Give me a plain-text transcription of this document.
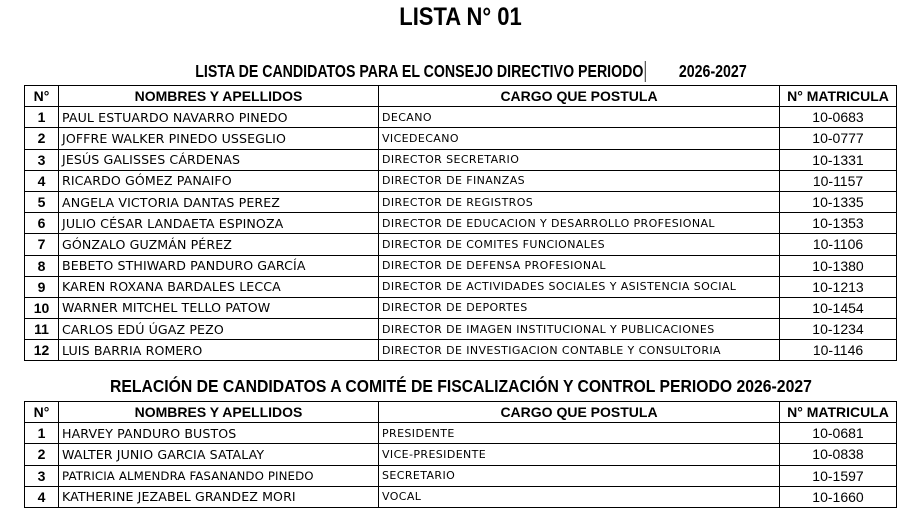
LISTA N° 01
LISTA DE CANDIDATOS PARA EL CONSEJO DIRECTIVO PERIODO 2026-2027
N°	NOMBRES Y APELLIDOS	CARGO QUE POSTULA	N° MATRICULA
1	PAUL ESTUARDO NAVARRO PINEDO	DECANO	10-0683
2	JOFFRE WALKER PINEDO USSEGLIO	VICEDECANO	10-0777
3	JESÚS GALISSES CÁRDENAS	DIRECTOR SECRETARIO	10-1331
4	RICARDO GÓMEZ PANAIFO	DIRECTOR DE FINANZAS	10-1157
5	ANGELA VICTORIA DANTAS PEREZ	DIRECTOR DE REGISTROS	10-1335
6	JULIO CÉSAR LANDAETA ESPINOZA	DIRECTOR DE EDUCACION Y DESARROLLO PROFESIONAL	10-1353
7	GÓNZALO GUZMÁN PÉREZ	DIRECTOR DE COMITES FUNCIONALES	10-1106
8	BEBETO STHIWARD PANDURO GARCÍA	DIRECTOR DE DEFENSA PROFESIONAL	10-1380
9	KAREN ROXANA BARDALES LECCA	DIRECTOR DE ACTIVIDADES SOCIALES Y ASISTENCIA SOCIAL	10-1213
10	WARNER MITCHEL TELLO PATOW	DIRECTOR DE DEPORTES	10-1454
11	CARLOS EDÚ ÚGAZ PEZO	DIRECTOR DE IMAGEN INSTITUCIONAL Y PUBLICACIONES	10-1234
12	LUIS BARRIA ROMERO	DIRECTOR DE INVESTIGACION CONTABLE Y CONSULTORIA	10-1146
RELACIÓN DE CANDIDATOS A COMITÉ DE FISCALIZACIÓN Y CONTROL PERIODO 2026-2027
N°	NOMBRES Y APELLIDOS	CARGO QUE POSTULA	N° MATRICULA
1	HARVEY PANDURO BUSTOS	PRESIDENTE	10-0681
2	WALTER JUNIO GARCIA SATALAY	VICE-PRESIDENTE	10-0838
3	PATRICIA ALMENDRA FASANANDO PINEDO	SECRETARIO	10-1597
4	KATHERINE JEZABEL GRANDEZ MORI	VOCAL	10-1660
